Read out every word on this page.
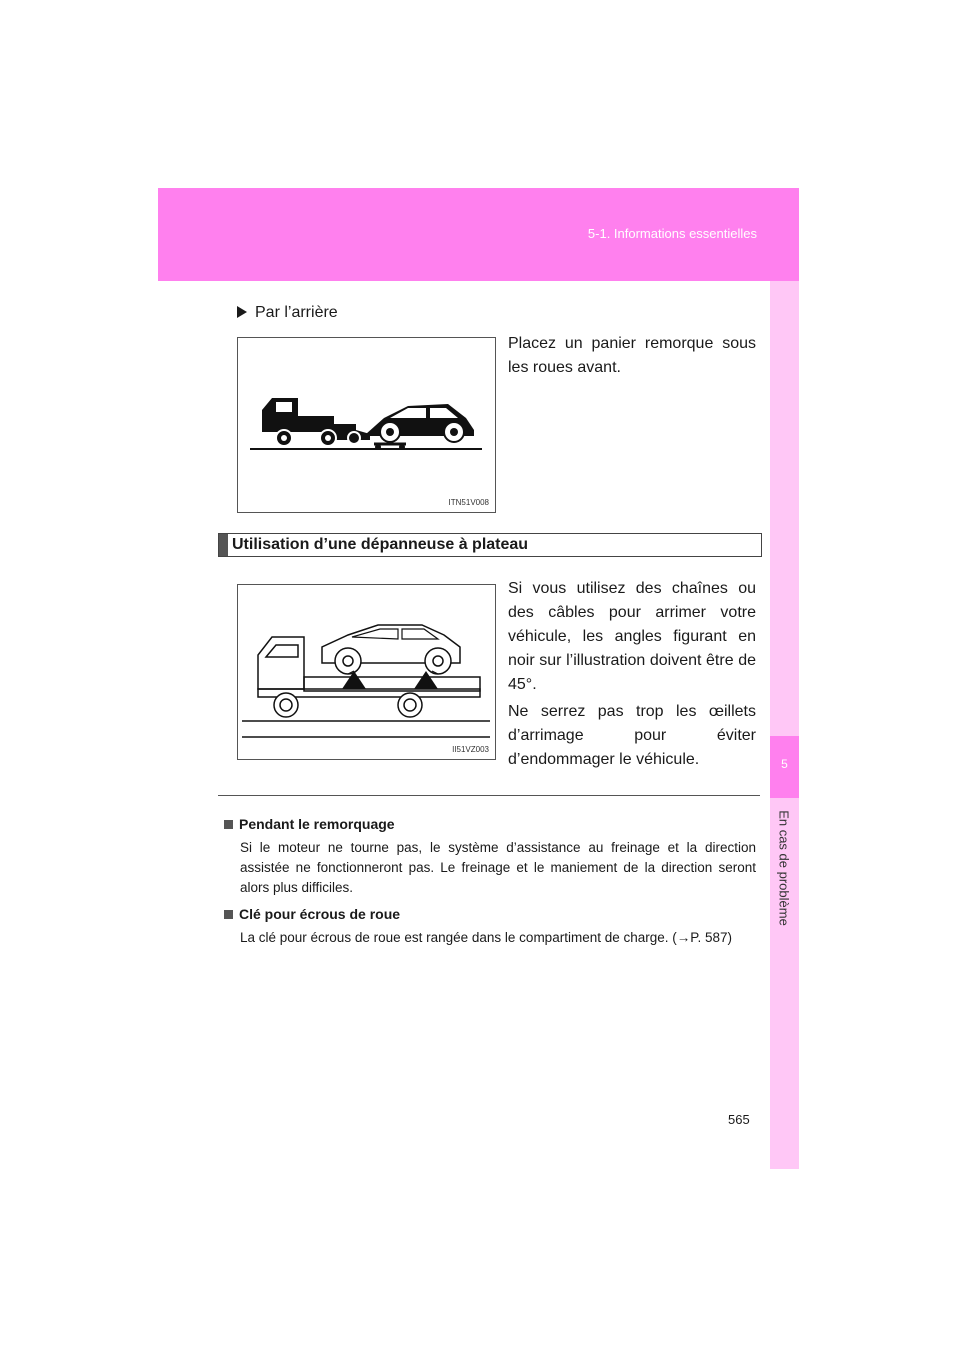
5-1. Informations essentielles
5
En cas de problème
Par l’arrière
ITN51V008

Placez un panier remorque sous les roues avant.

Utilisation d’une dépanneuse à plateau
II51VZ003

Si vous utilisez des chaînes ou des câbles pour arrimer votre véhicule, les angles figurant en noir sur l’illustration doivent être de 45°.

Ne serrez pas trop les œillets d’arrimage pour éviter d’endommager le véhicule.

Pendant le remorquage

Si le moteur ne tourne pas, le système d’assistance au freinage et la direction assistée ne fonctionneront pas. Le freinage et le maniement de la direction seront alors plus difficiles.

Clé pour écrous de roue

La clé pour écrous de roue est rangée dans le compartiment de charge. (→P. 587)

565
